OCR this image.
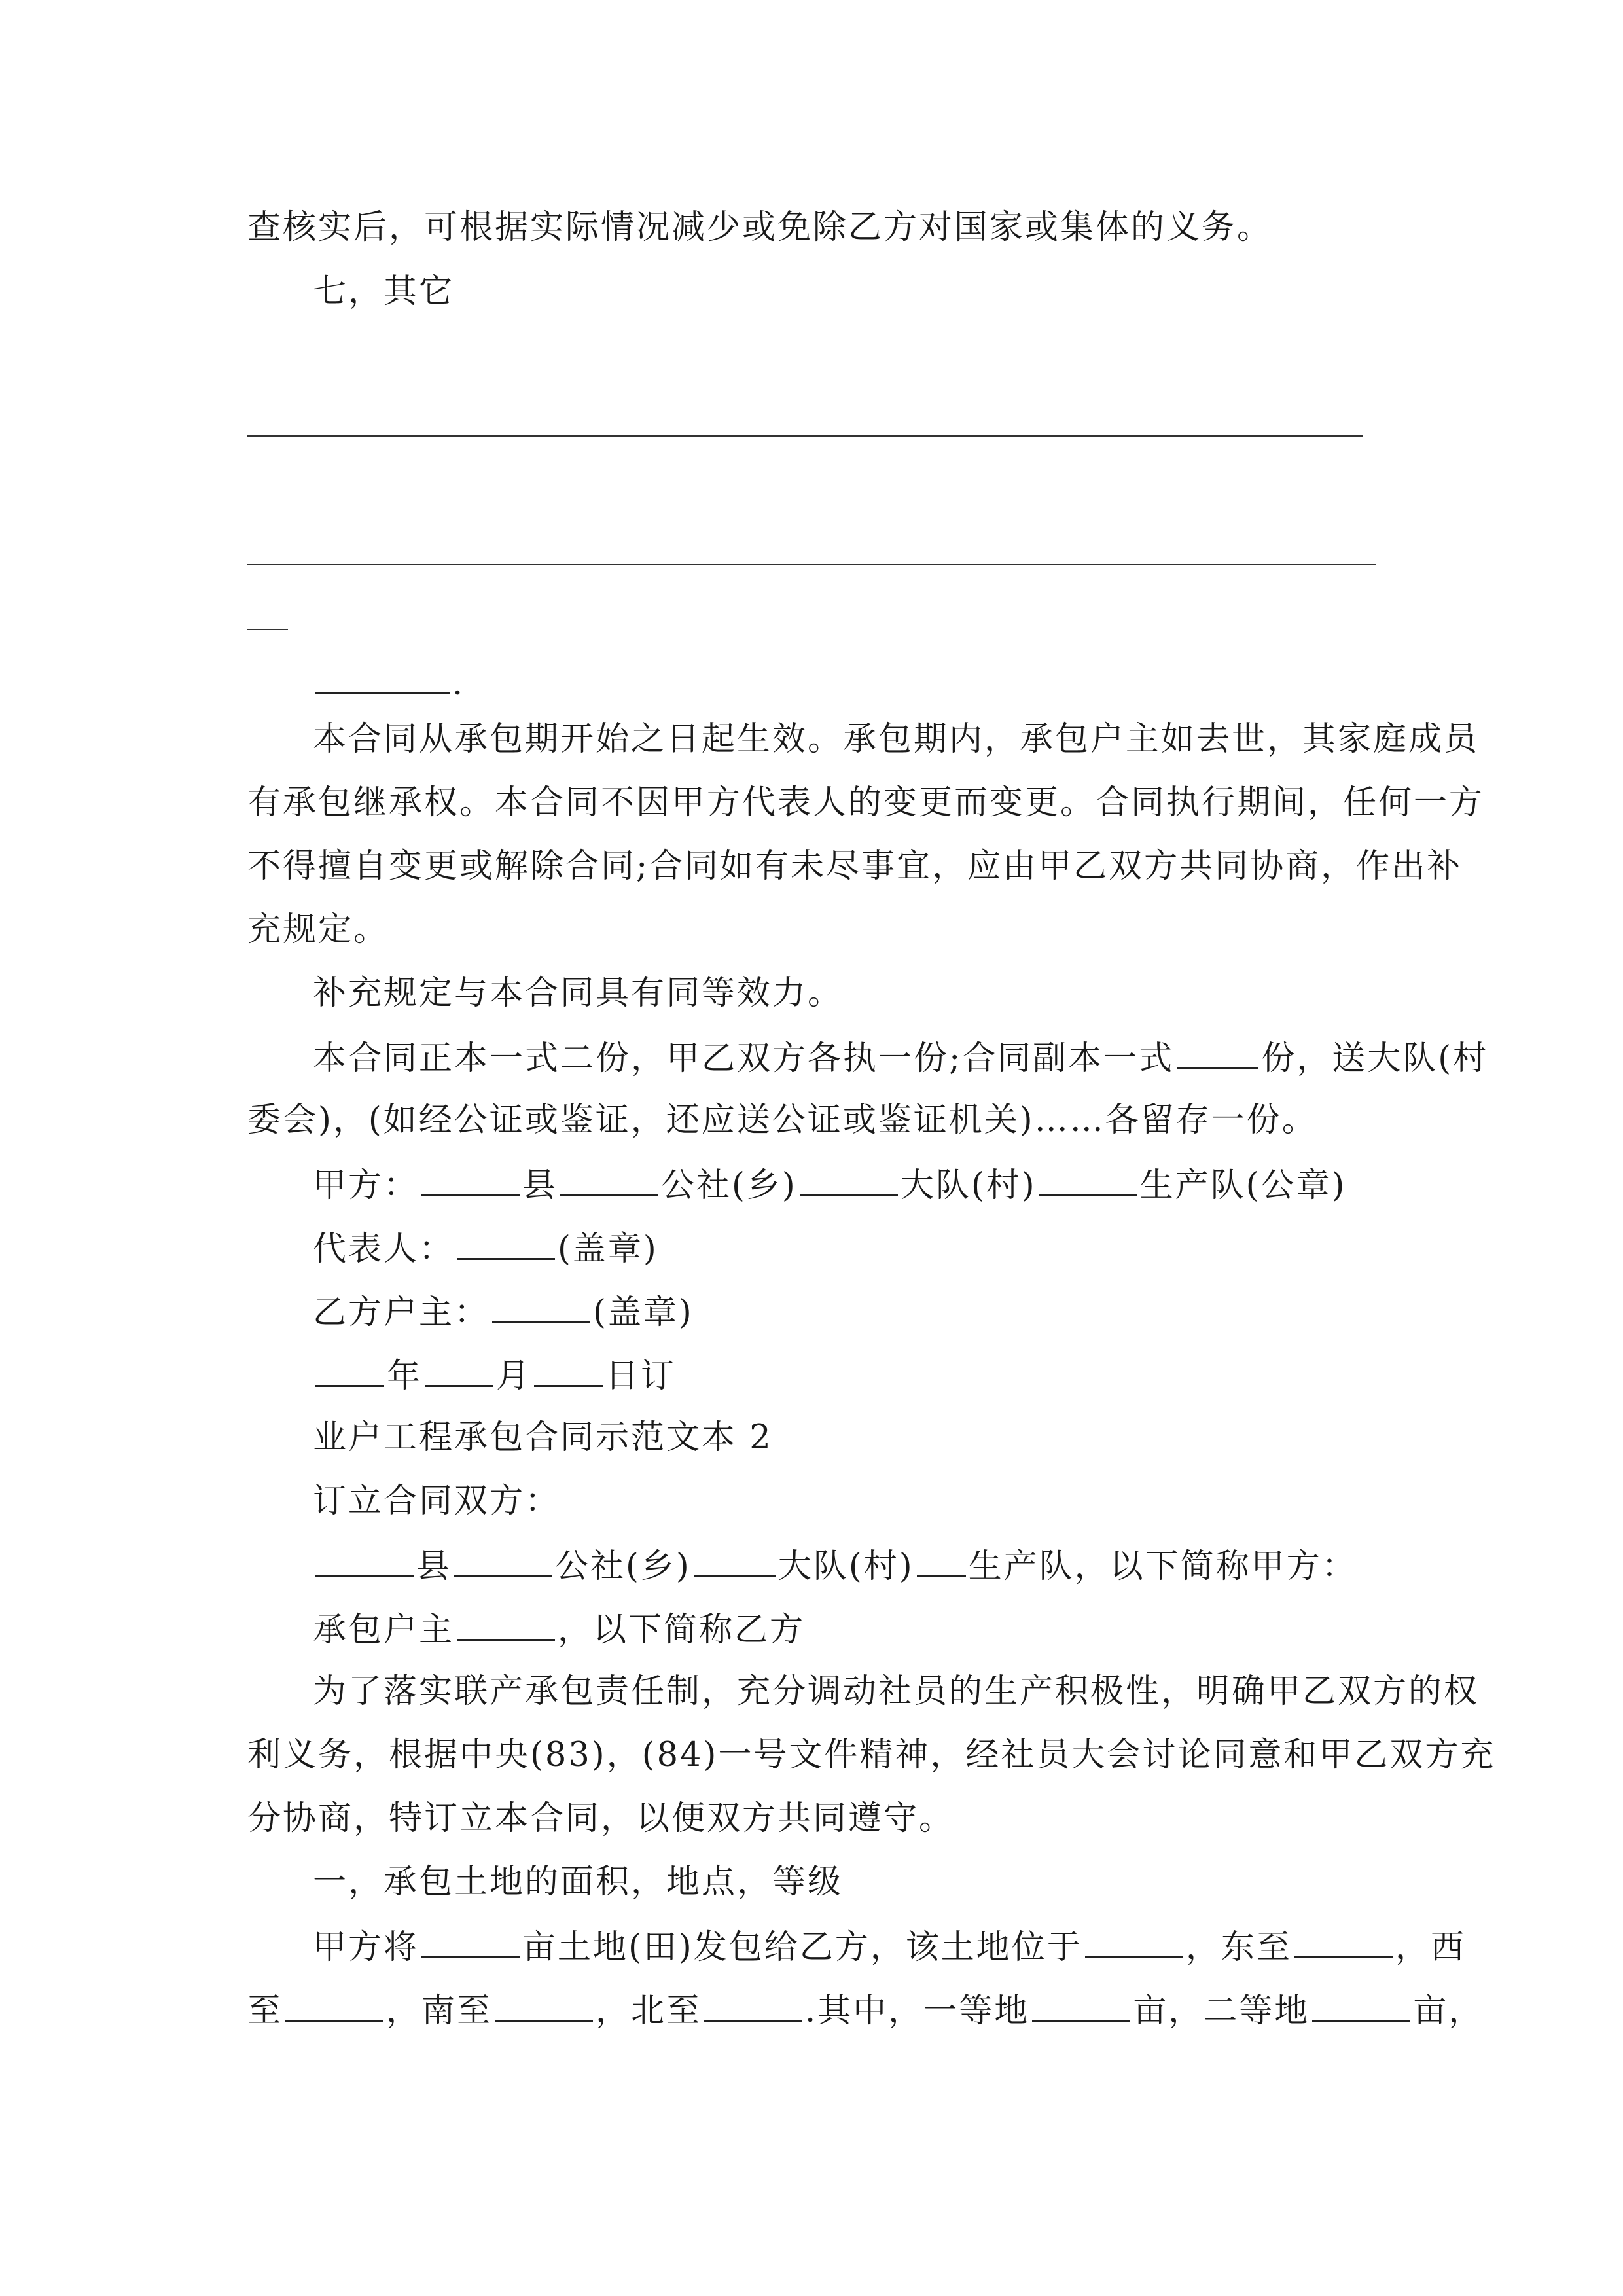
查核实后，可根据实际情况减少或免除乙方对国家或集体的义务。
七，其它
.
本合同从承包期开始之日起生效。承包期内，承包户主如去世，其家庭成员
有承包继承权。本合同不因甲方代表人的变更而变更。合同执行期间，任何一方
不得擅自变更或解除合同;合同如有未尽事宜，应由甲乙双方共同协商，作出补
充规定。
补充规定与本合同具有同等效力。
本合同正本一式二份，甲乙双方各执一份;合同副本一式	份，送大队(村
委会)，(如经公证或鉴证，还应送公证或鉴证机关)……各留存一份。
甲方：	县	公社(乡)	大队(村)	生产队(公章)
代表人：	(盖章)
乙方户主：	(盖章)
年 月 日订
业户工程承包合同示范文本 2
订立合同双方：
县	公社(乡)	大队(村) 生产队，以下简称甲方：
承包户主	，以下简称乙方
为了落实联产承包责任制，充分调动社员的生产积极性，明确甲乙双方的权
利义务，根据中央(83)，(84)一号文件精神，经社员大会讨论同意和甲乙双方充
分协商，特订立本合同，以便双方共同遵守。
一，承包土地的面积，地点，等级
甲方将	亩土地(田)发包给乙方，该土地位于	，东至	，西
至	，南至	，北至	.其中，一等地	亩，二等地	亩，
